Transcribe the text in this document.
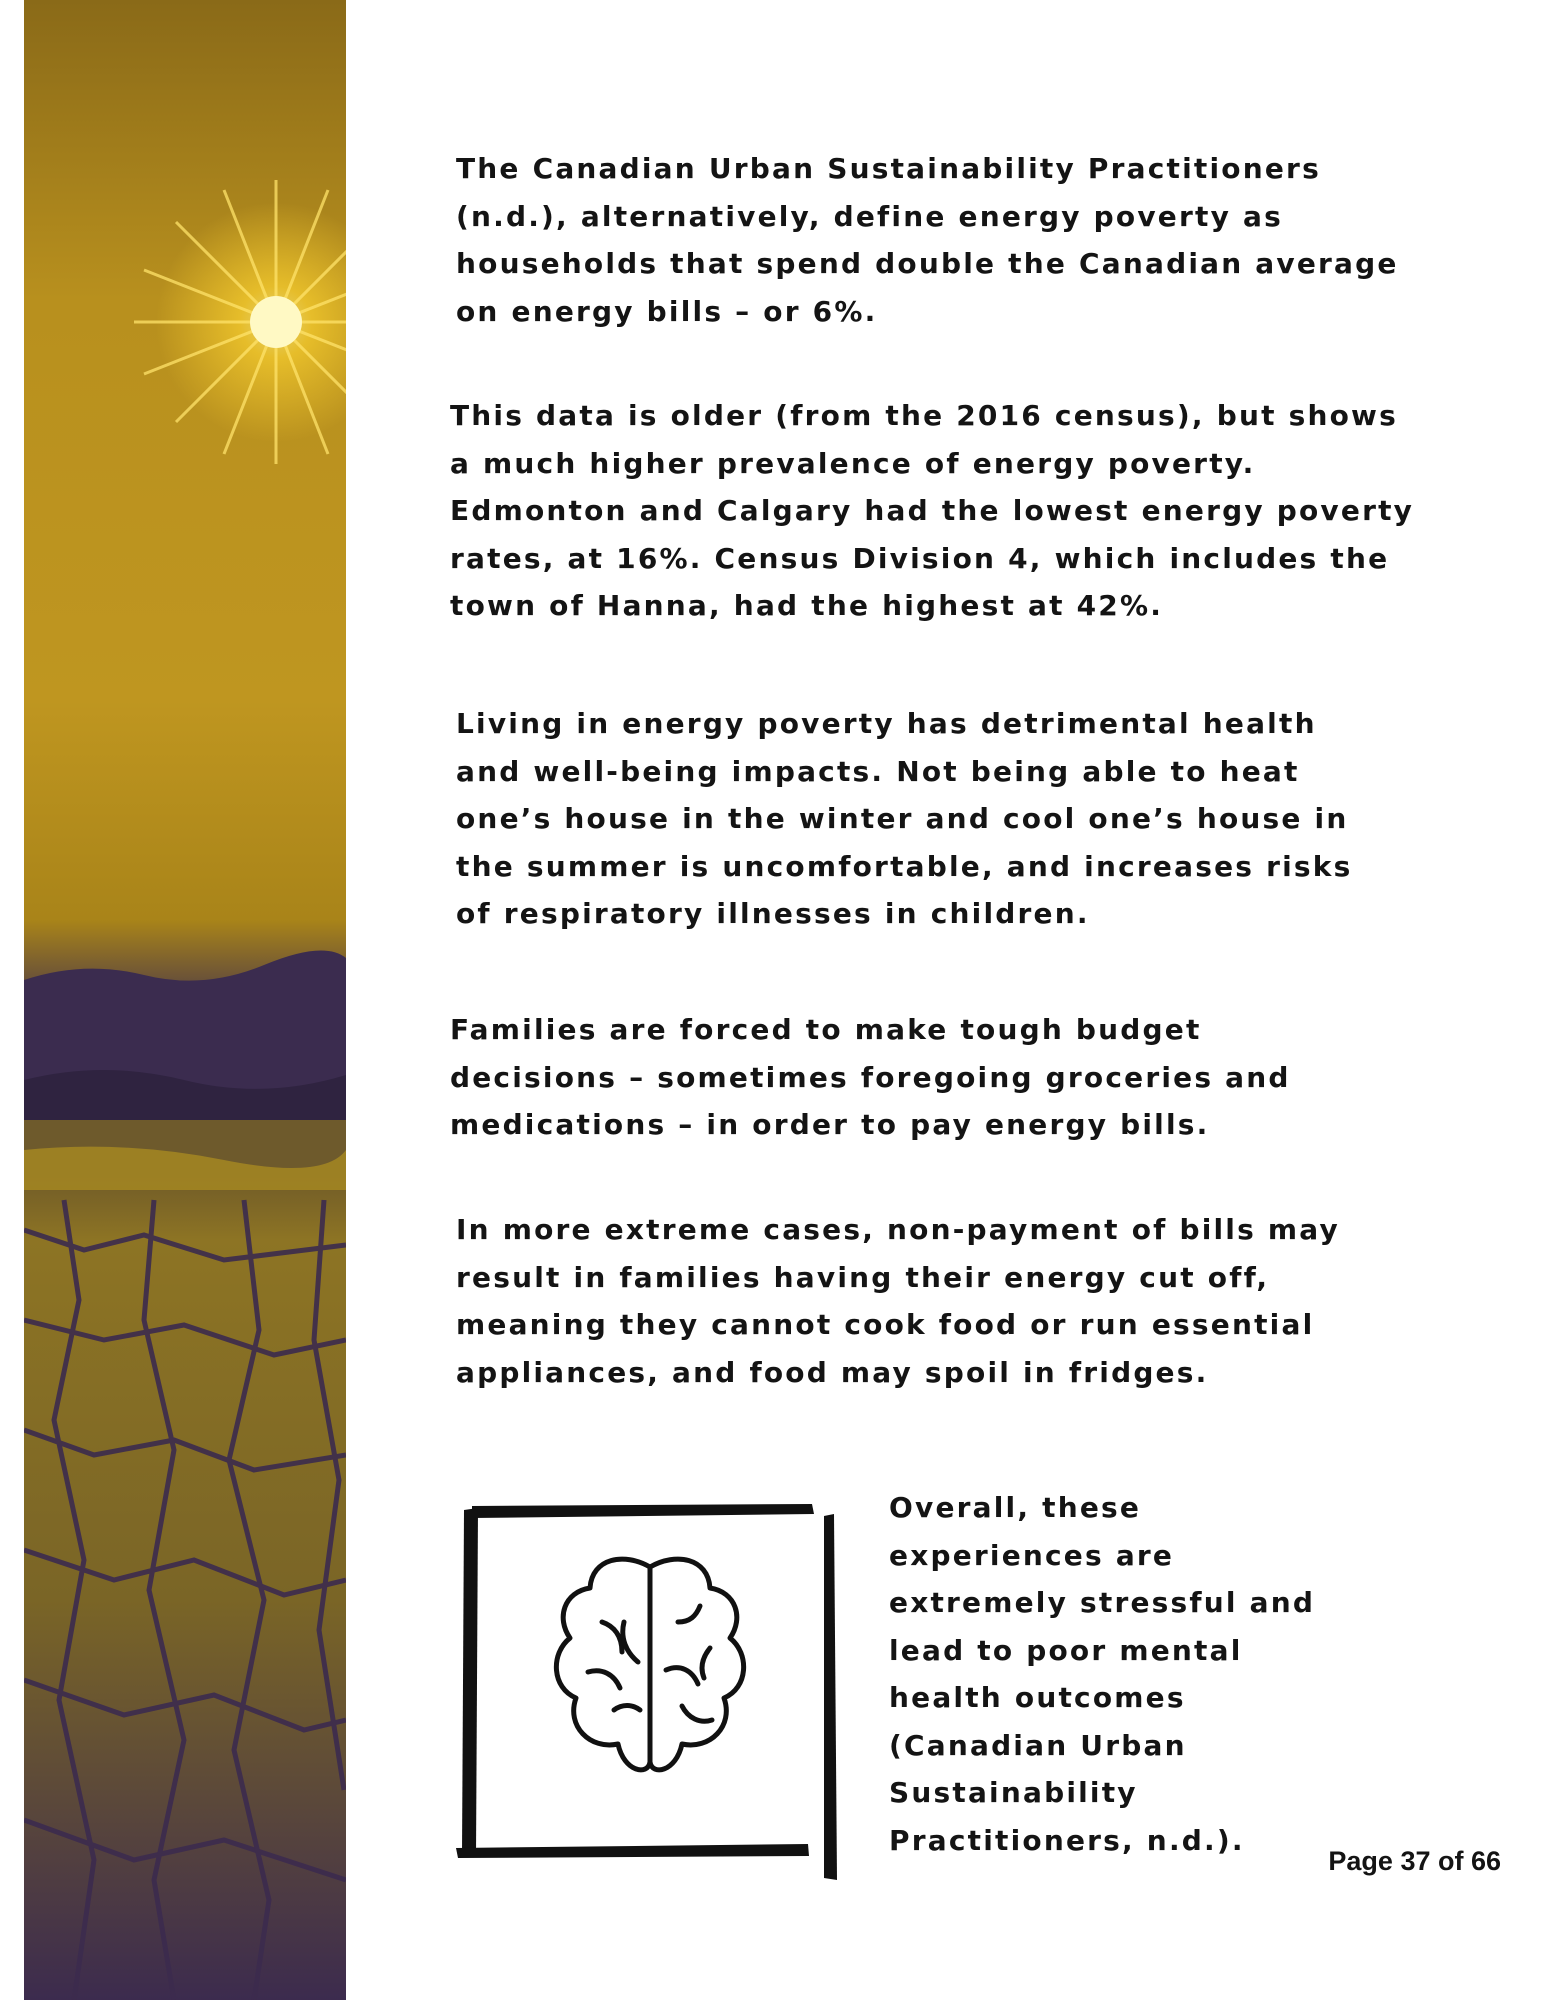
The Canadian Urban Sustainability Practitioners
(n.d.), alternatively, define energy poverty as
households that spend double the Canadian average
on energy bills – or 6%.

This data is older (from the 2016 census), but shows
a much higher prevalence of energy poverty.
Edmonton and Calgary had the lowest energy poverty
rates, at 16%. Census Division 4, which includes the
town of Hanna, had the highest at 42%.

Living in energy poverty has detrimental health
and well-being impacts. Not being able to heat
one’s house in the winter and cool one’s house in
the summer is uncomfortable, and increases risks
of respiratory illnesses in children.

Families are forced to make tough budget
decisions – sometimes foregoing groceries and
medications – in order to pay energy bills.

In more extreme cases, non-payment of bills may
result in families having their energy cut off,
meaning they cannot cook food or run essential
appliances, and food may spoil in fridges.

Overall, these
experiences are
extremely stressful and
lead to poor mental
health outcomes
(Canadian Urban
Sustainability
Practitioners, n.d.).

Page 37 of 66
